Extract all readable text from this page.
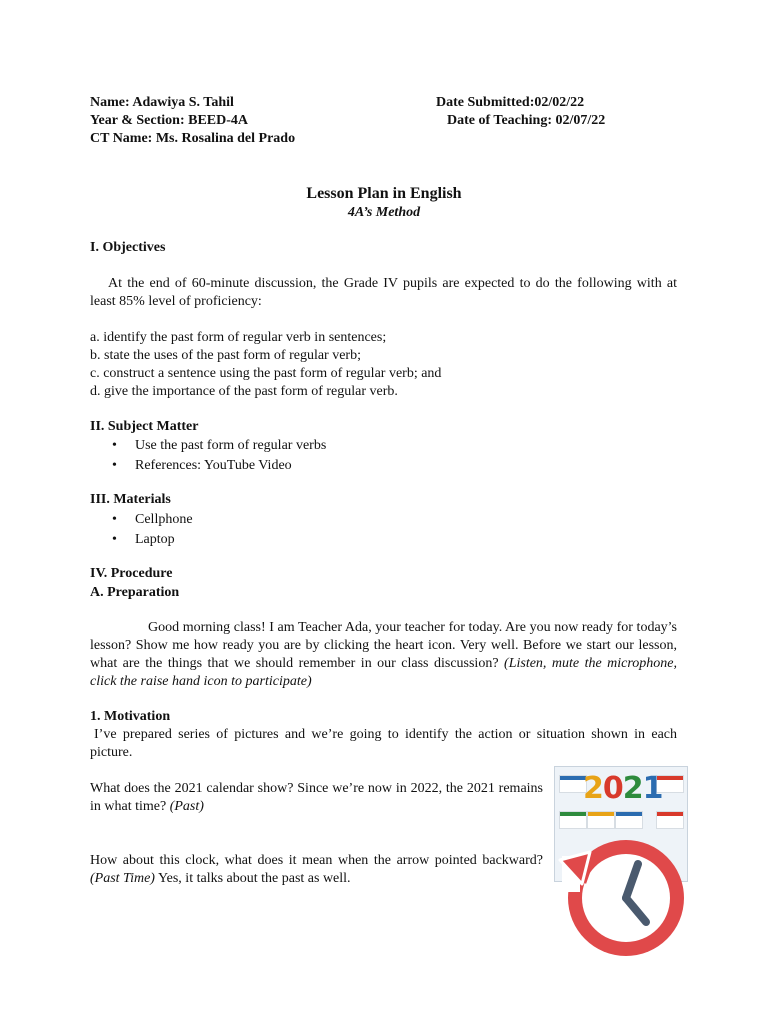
Name: Adawiya S. Tahil
Year & Section: BEED-4A
CT Name: Ms. Rosalina del Prado
Date Submitted:02/02/22
Date of Teaching: 02/07/22
Lesson Plan in English
4A’s Method
I. Objectives
At the end of 60-minute discussion, the Grade IV pupils are expected to do the following with at least 85% level of proficiency:
a. identify the past form of regular verb in sentences;
b. state the uses of the past form of regular verb;
c. construct a sentence using the past form of regular verb; and
d. give the importance of the past form of regular verb.
II. Subject Matter
• Use the past form of regular verbs
• References: YouTube Video
III. Materials
• Cellphone
• Laptop
IV. Procedure
A. Preparation
Good morning class! I am Teacher Ada, your teacher for today. Are you now ready for today’s lesson? Show me how ready you are by clicking the heart icon. Very well. Before we start our lesson, what are the things that we should remember in our class discussion? (Listen, mute the microphone, click the raise hand icon to participate)
1. Motivation
I’ve prepared series of pictures and we’re going to identify the action or situation shown in each picture.
What does the 2021 calendar show? Since we’re now in 2022, the 2021 remains in what time? (Past)
How about this clock, what does it mean when the arrow pointed backward? (Past Time) Yes, it talks about the past as well.
2021
